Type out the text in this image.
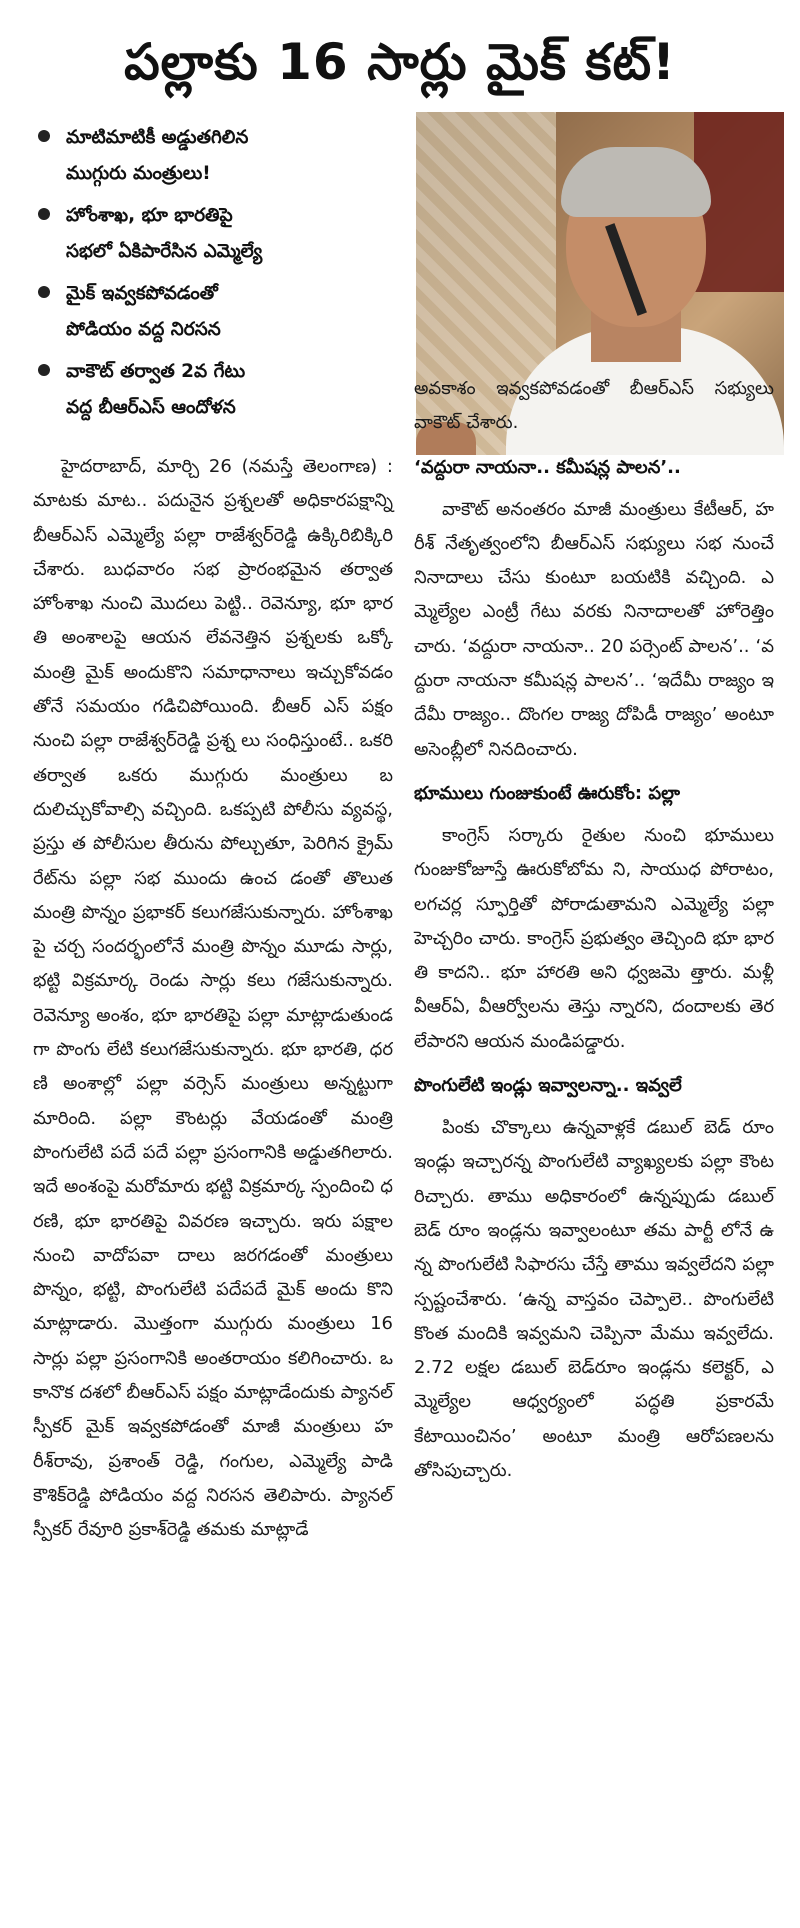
పల్లాకు 16 సార్లు మైక్ కట్!
మాటిమాటికీ అడ్డుతగిలిన
ముగ్గురు మంత్రులు!
హోంశాఖ, భూ భారతిపై
సభలో ఏకిపారేసిన ఎమ్మెల్యే
మైక్ ఇవ్వకపోవడంతో
పోడియం వద్ద నిరసన
వాకౌట్ తర్వాత 2వ గేటు
వద్ద బీఆర్ఎస్ ఆందోళన

హైదరాబాద్, మార్చి 26 (నమస్తే తెలంగాణ) : మాటకు మాట.. పదునైన ప్రశ్నలతో అధికారపక్షాన్ని బీఆర్ఎస్ ఎమ్మెల్యే పల్లా రాజేశ్వర్‌రెడ్డి ఉక్కిరిబిక్కిరి చేశారు. బుధవారం సభ ప్రారంభమైన తర్వాత హోంశాఖ నుంచి మొదలు పెట్టి.. రెవెన్యూ, భూ భారతి అంశాలపై ఆయన లేవనెత్తిన ప్రశ్నలకు ఒక్కో మంత్రి మైక్ అందుకొని సమాధానాలు ఇచ్చుకోవడం తోనే సమయం గడిచిపోయింది. బీఆర్ ఎస్ పక్షం నుంచి పల్లా రాజేశ్వర్‌రెడ్డి ప్రశ్న లు సంధిస్తుంటే.. ఒకరి తర్వాత ఒకరు ముగ్గురు మంత్రులు బదులిచ్చుకోవాల్సి వచ్చింది. ఒకప్పటి పోలీసు వ్యవస్థ, ప్రస్తు త పోలీసుల తీరును పోల్చుతూ, పెరిగిన క్రైమ్ రేట్‌ను పల్లా సభ ముందు ఉంచ డంతో తొలుత మంత్రి పొన్నం ప్రభాకర్ కలుగజేసుకున్నారు. హోంశాఖపై చర్చ సందర్భంలోనే మంత్రి పొన్నం మూడు సార్లు, భట్టి విక్రమార్క రెండు సార్లు కలు గజేసుకున్నారు. రెవెన్యూ అంశం, భూ భారతిపై పల్లా మాట్లాడుతుండగా పొంగు లేటి కలుగజేసుకున్నారు. భూ భారతి, ధరణి అంశాల్లో పల్లా వర్సెస్ మంత్రులు అన్నట్టుగా మారింది. పల్లా కౌంటర్లు వేయడంతో మంత్రి పొంగులేటి పదే పదే పల్లా ప్రసంగానికి అడ్డుతగిలారు. ఇదే అంశంపై మరోమారు భట్టి విక్రమార్క స్పందించి ధరణి, భూ భారతిపై వివరణ ఇచ్చారు. ఇరు పక్షాల నుంచి వాదోపవా దాలు జరగడంతో మంత్రులు పొన్నం, భట్టి, పొంగులేటి పదేపదే మైక్ అందు కొని మాట్లాడారు. మొత్తంగా ముగ్గురు మంత్రులు 16 సార్లు పల్లా ప్రసంగానికి అంతరాయం కలిగించారు. ఒకానొక దశలో బీఆర్ఎస్ పక్షం మాట్లాడేందుకు ప్యానల్ స్పీకర్ మైక్ ఇవ్వకపోడంతో మాజీ మంత్రులు హరీశ్‌రావు, ప్రశాంత్ రెడ్డి, గంగుల, ఎమ్మెల్యే పాడి కౌశిక్‌రెడ్డి పోడియం వద్ద నిరసన తెలిపారు. ప్యానల్ స్పీకర్ రేవూరి ప్రకాశ్‌రెడ్డి తమకు మాట్లాడే

అవకాశం ఇవ్వకపోవడంతో బీఆర్ఎస్ సభ్యులు వాకౌట్ చేశారు.

‘వద్దురా నాయనా.. కమీషన్ల పాలన’..

వాకౌట్ అనంతరం మాజీ మంత్రులు కేటీఆర్, హరీశ్ నేతృత్వంలోని బీఆర్ఎస్ సభ్యులు సభ నుంచే నినాదాలు చేసు కుంటూ బయటికి వచ్చింది. ఎమ్మెల్యేల ఎంట్రీ గేటు వరకు నినాదాలతో హోరెత్తిం చారు. ‘వద్దురా నాయనా.. 20 పర్సెంట్ పాలన’.. ‘వద్దురా నాయనా కమీషన్ల పాలన’.. ‘ఇదేమీ రాజ్యం ఇదేమీ రాజ్యం.. దొంగల రాజ్య దోపిడీ రాజ్యం’ అంటూ అసెంబ్లీలో నినదించారు.

భూములు గుంజుకుంటే ఊరుకోం: పల్లా

కాంగ్రెస్ సర్కారు రైతుల నుంచి భూములు గుంజుకోజూస్తే ఊరుకోబోమ ని, సాయుధ పోరాటం, లగచర్ల స్ఫూర్తితో పోరాడుతామని ఎమ్మెల్యే పల్లా హెచ్చరిం చారు. కాంగ్రెస్ ప్రభుత్వం తెచ్చింది భూ భారతి కాదని.. భూ హారతి అని ధ్వజమె త్తారు. మళ్లీ వీఆర్ఏ, వీఆర్వోలను తెస్తు న్నారని, దందాలకు తెరలేపారని ఆయన మండిపడ్డారు.

పొంగులేటి ఇండ్లు ఇవ్వాలన్నా.. ఇవ్వలే

పింకు చొక్కాలు ఉన్నవాళ్లకే డబుల్ బెడ్ రూం ఇండ్లు ఇచ్చారన్న పొంగులేటి వ్యాఖ్యలకు పల్లా కౌంటరిచ్చారు. తాము అధికారంలో ఉన్నప్పుడు డబుల్ బెడ్ రూం ఇండ్లను ఇవ్వాలంటూ తమ పార్టీ లోనే ఉన్న పొంగులేటి సిఫారసు చేస్తే తాము ఇవ్వలేదని పల్లా స్పష్టంచేశారు. ‘ఉన్న వాస్తవం చెప్పాలె.. పొంగులేటి కొంత మందికి ఇవ్వమని చెప్పినా మేము ఇవ్వలేదు. 2.72 లక్షల డబుల్ బెడ్‌రూం ఇండ్లను కలెక్టర్, ఎమ్మెల్యేల ఆధ్వర్యంలో పద్ధతి ప్రకారమే కేటాయించినం’ అంటూ మంత్రి ఆరోపణలను తోసిపుచ్చారు.
